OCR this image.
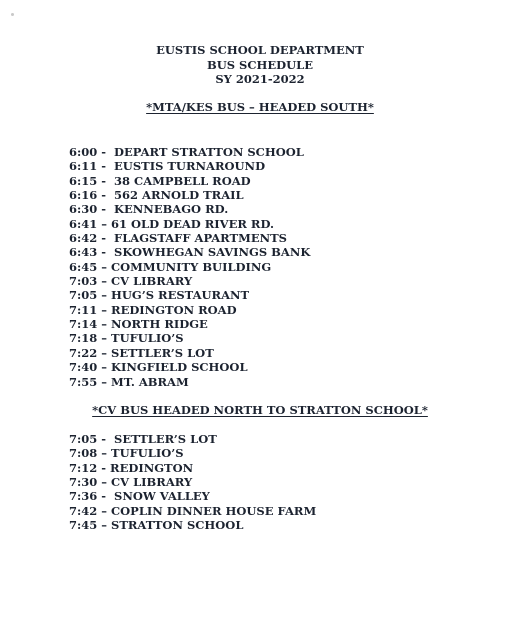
EUSTIS SCHOOL DEPARTMENT
BUS SCHEDULE
SY 2021-2022
*MTA/KES BUS – HEADED SOUTH*
6:00 -  DEPART STRATTON SCHOOL
6:11 -  EUSTIS TURNAROUND
6:15 -  38 CAMPBELL ROAD
6:16 -  562 ARNOLD TRAIL
6:30 -  KENNEBAGO RD.
6:41 – 61 OLD DEAD RIVER RD.
6:42 -  FLAGSTAFF APARTMENTS
6:43 -  SKOWHEGAN SAVINGS BANK
6:45 – COMMUNITY BUILDING
7:03 – CV LIBRARY
7:05 – HUG’S RESTAURANT
7:11 – REDINGTON ROAD
7:14 – NORTH RIDGE
7:18 – TUFULIO’S
7:22 – SETTLER’S LOT
7:40 – KINGFIELD SCHOOL
7:55 – MT. ABRAM
*CV BUS HEADED NORTH TO STRATTON SCHOOL*
7:05 -  SETTLER’S LOT
7:08 – TUFULIO’S
7:12 - REDINGTON
7:30 – CV LIBRARY
7:36 -  SNOW VALLEY
7:42 – COPLIN DINNER HOUSE FARM
7:45 – STRATTON SCHOOL
